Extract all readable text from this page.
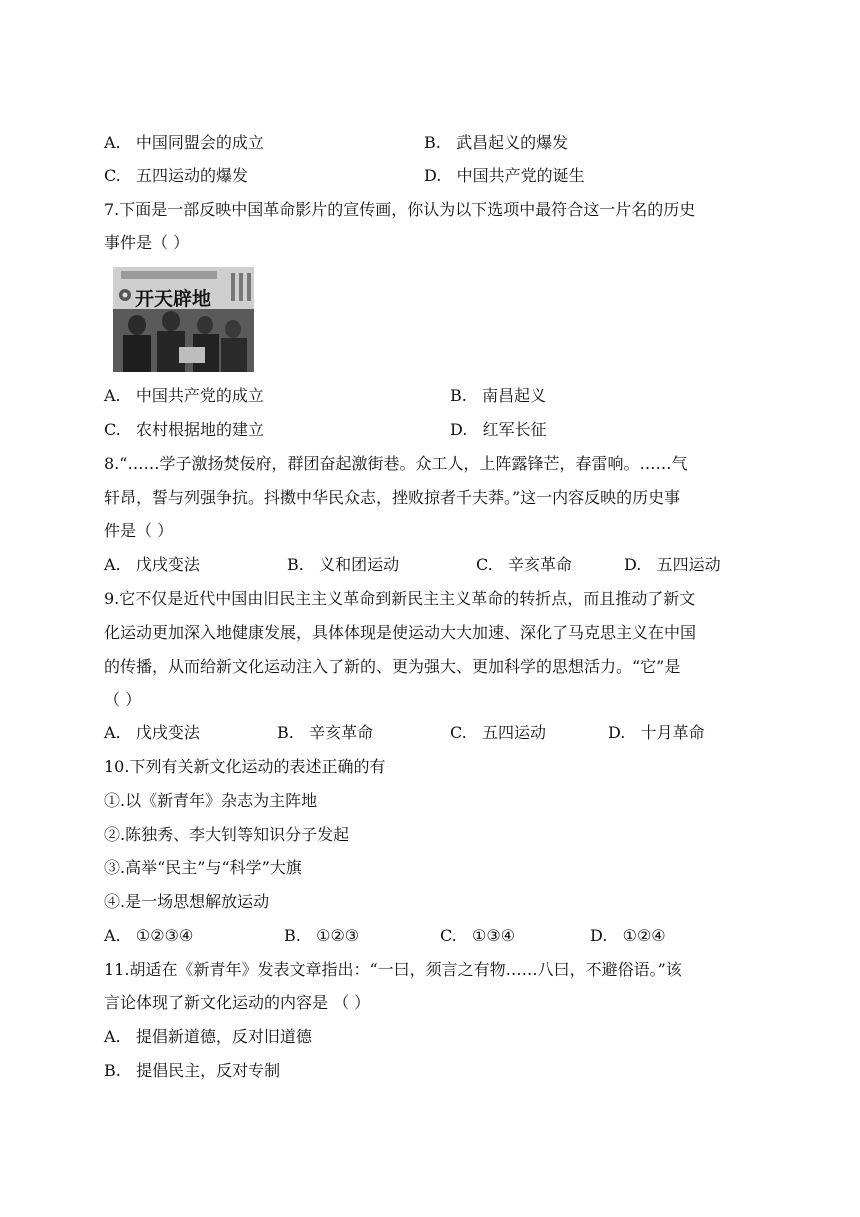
A. 中国同盟会的成立	B. 武昌起义的爆发
C. 五四运动的爆发	D. 中国共产党的诞生
7.下面是一部反映中国革命影片的宣传画，你认为以下选项中最符合这一片名的历史
事件是（ ）
开天辟地
A. 中国共产党的成立	B. 南昌起义
C. 农村根据地的建立	D. 红军长征
8.“……学子激扬焚佞府，群团奋起激街巷。众工人，上阵露锋芒，春雷响。……气
轩昂，誓与列强争抗。抖擞中华民众志，挫败掠者千夫莽。”这一内容反映的历史事
件是（ ）
A. 戊戌变法	B. 义和团运动	C. 辛亥革命	D. 五四运动
9.它不仅是近代中国由旧民主主义革命到新民主主义革命的转折点，而且推动了新文
化运动更加深入地健康发展，具体体现是使运动大大加速、深化了马克思主义在中国
的传播，从而给新文化运动注入了新的、更为强大、更加科学的思想活力。“它”是
（ ）
A. 戊戌变法	B. 辛亥革命	C. 五四运动	D. 十月革命
10.下列有关新文化运动的表述正确的有
①.以《新青年》杂志为主阵地
②.陈独秀、李大钊等知识分子发起
③.高举“民主”与“科学”大旗
④.是一场思想解放运动
A. ①②③④	B. ①②③	C. ①③④	D. ①②④
11.胡适在《新青年》发表文章指出：“一曰，须言之有物……八曰，不避俗语。”该
言论体现了新文化运动的内容是 （ ）
A. 提倡新道德，反对旧道德
B. 提倡民主，反对专制
